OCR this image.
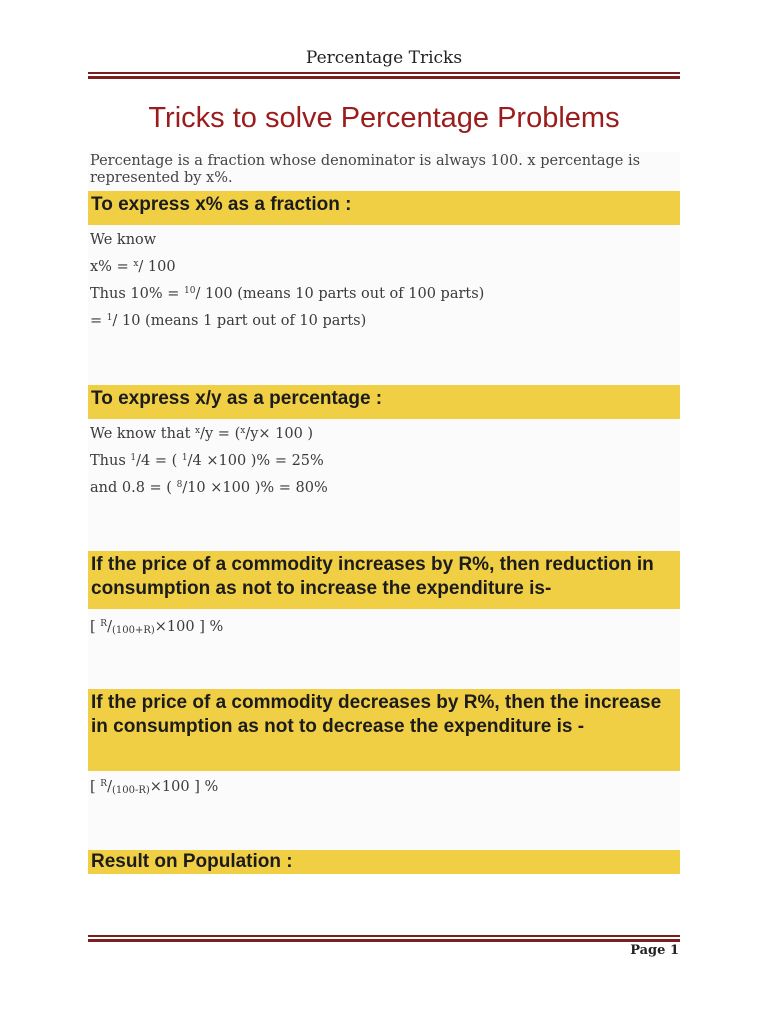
Percentage Tricks
Tricks to solve Percentage Problems
Percentage is a fraction whose denominator is always 100. x percentage is represented by x%.
To express x% as a fraction :
We know
x% = $^x$/ 100
Thus 10% = $^{10}$/ 100 (means 10 parts out of 100 parts)
= $^1$/ 10 (means 1 part out of 10 parts)
To express x/y as a percentage :
We know that $^x$/y = ($^x$/y× 100 )
Thus $^1$/4 = ( $^1$/4 ×100 )% = 25%
and 0.8 = ( $^8$/10 ×100 )% = 80%
If the price of a commodity increases by R%, then reduction in consumption as not to increase the expenditure is-
[ $^R/_{(100+R)}\times 100$ ] %
If the price of a commodity decreases by R%, then the increase in consumption as not to decrease the expenditure is -
[ $^R/_{(100-R)}\times 100$ ] %
Result on Population :
Page 1
